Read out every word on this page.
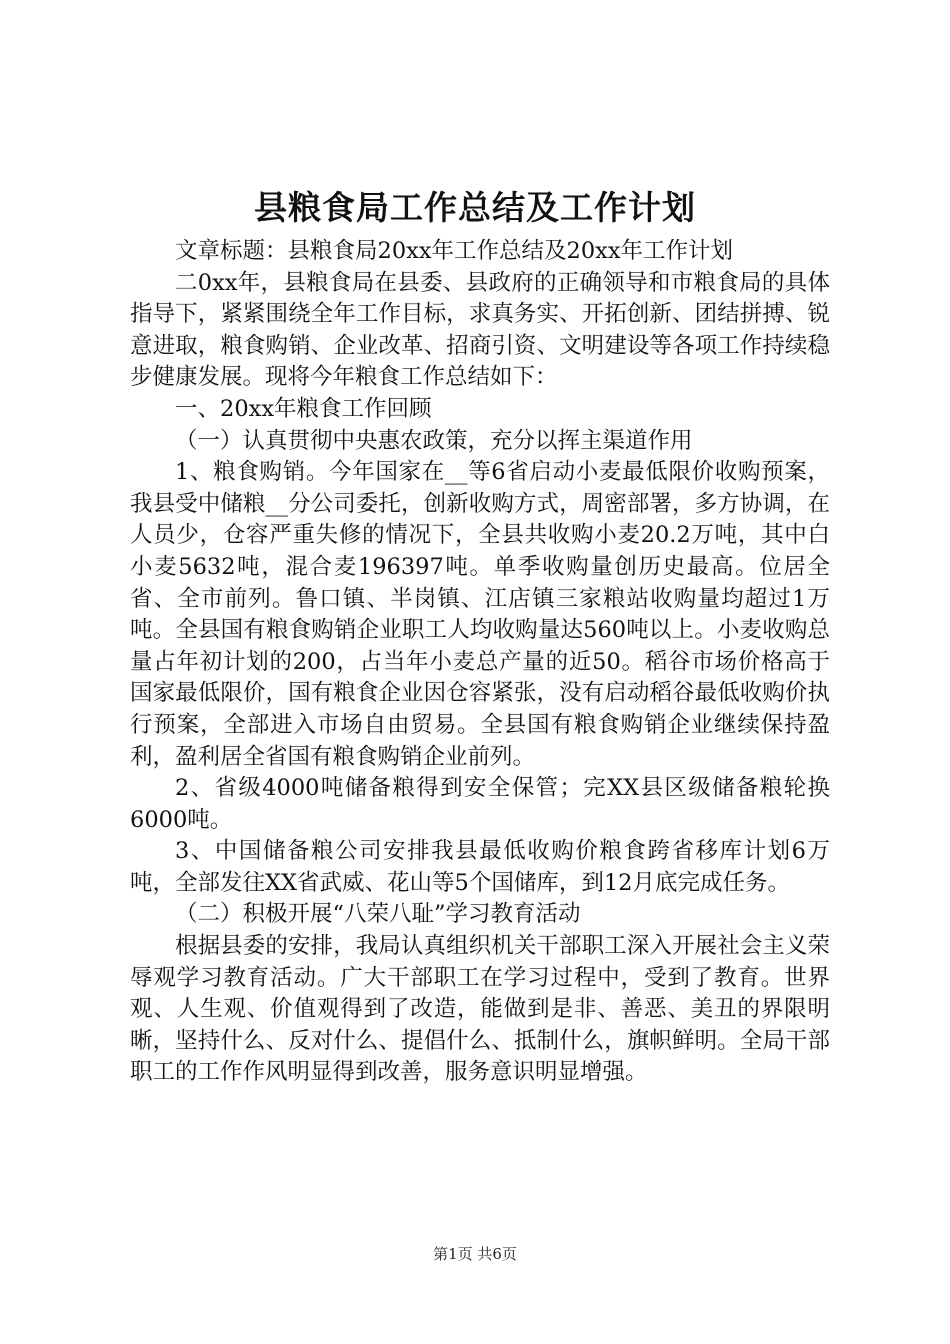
县粮食局工作总结及工作计划

文章标题：县粮食局20xx年工作总结及20xx年工作计划

二0xx年，县粮食局在县委、县政府的正确领导和市粮食局的具体指导下，紧紧围绕全年工作目标，求真务实、开拓创新、团结拼搏、锐意进取，粮食购销、企业改革、招商引资、文明建设等各项工作持续稳步健康发展。现将今年粮食工作总结如下：

一、20xx年粮食工作回顾

（一）认真贯彻中央惠农政策，充分以挥主渠道作用

1、粮食购销。今年国家在__等6省启动小麦最低限价收购预案，我县受中储粮__分公司委托，创新收购方式，周密部署，多方协调，在人员少，仓容严重失修的情况下，全县共收购小麦20.2万吨，其中白小麦5632吨，混合麦196397吨。单季收购量创历史最高。位居全省、全市前列。鲁口镇、半岗镇、江店镇三家粮站收购量均超过1万吨。全县国有粮食购销企业职工人均收购量达560吨以上。小麦收购总量占年初计划的200，占当年小麦总产量的近50。稻谷市场价格高于国家最低限价，国有粮食企业因仓容紧张，没有启动稻谷最低收购价执行预案，全部进入市场自由贸易。全县国有粮食购销企业继续保持盈利，盈利居全省国有粮食购销企业前列。

2、省级4000吨储备粮得到安全保管；完XX县区级储备粮轮换6000吨。

3、中国储备粮公司安排我县最低收购价粮食跨省移库计划6万吨，全部发往XX省武威、花山等5个国储库，到12月底完成任务。

（二）积极开展“八荣八耻”学习教育活动

根据县委的安排，我局认真组织机关干部职工深入开展社会主义荣辱观学习教育活动。广大干部职工在学习过程中，受到了教育。世界观、人生观、价值观得到了改造，能做到是非、善恶、美丑的界限明晰，坚持什么、反对什么、提倡什么、抵制什么，旗帜鲜明。全局干部职工的工作作风明显得到改善，服务意识明显增强。

第1页 共6页
